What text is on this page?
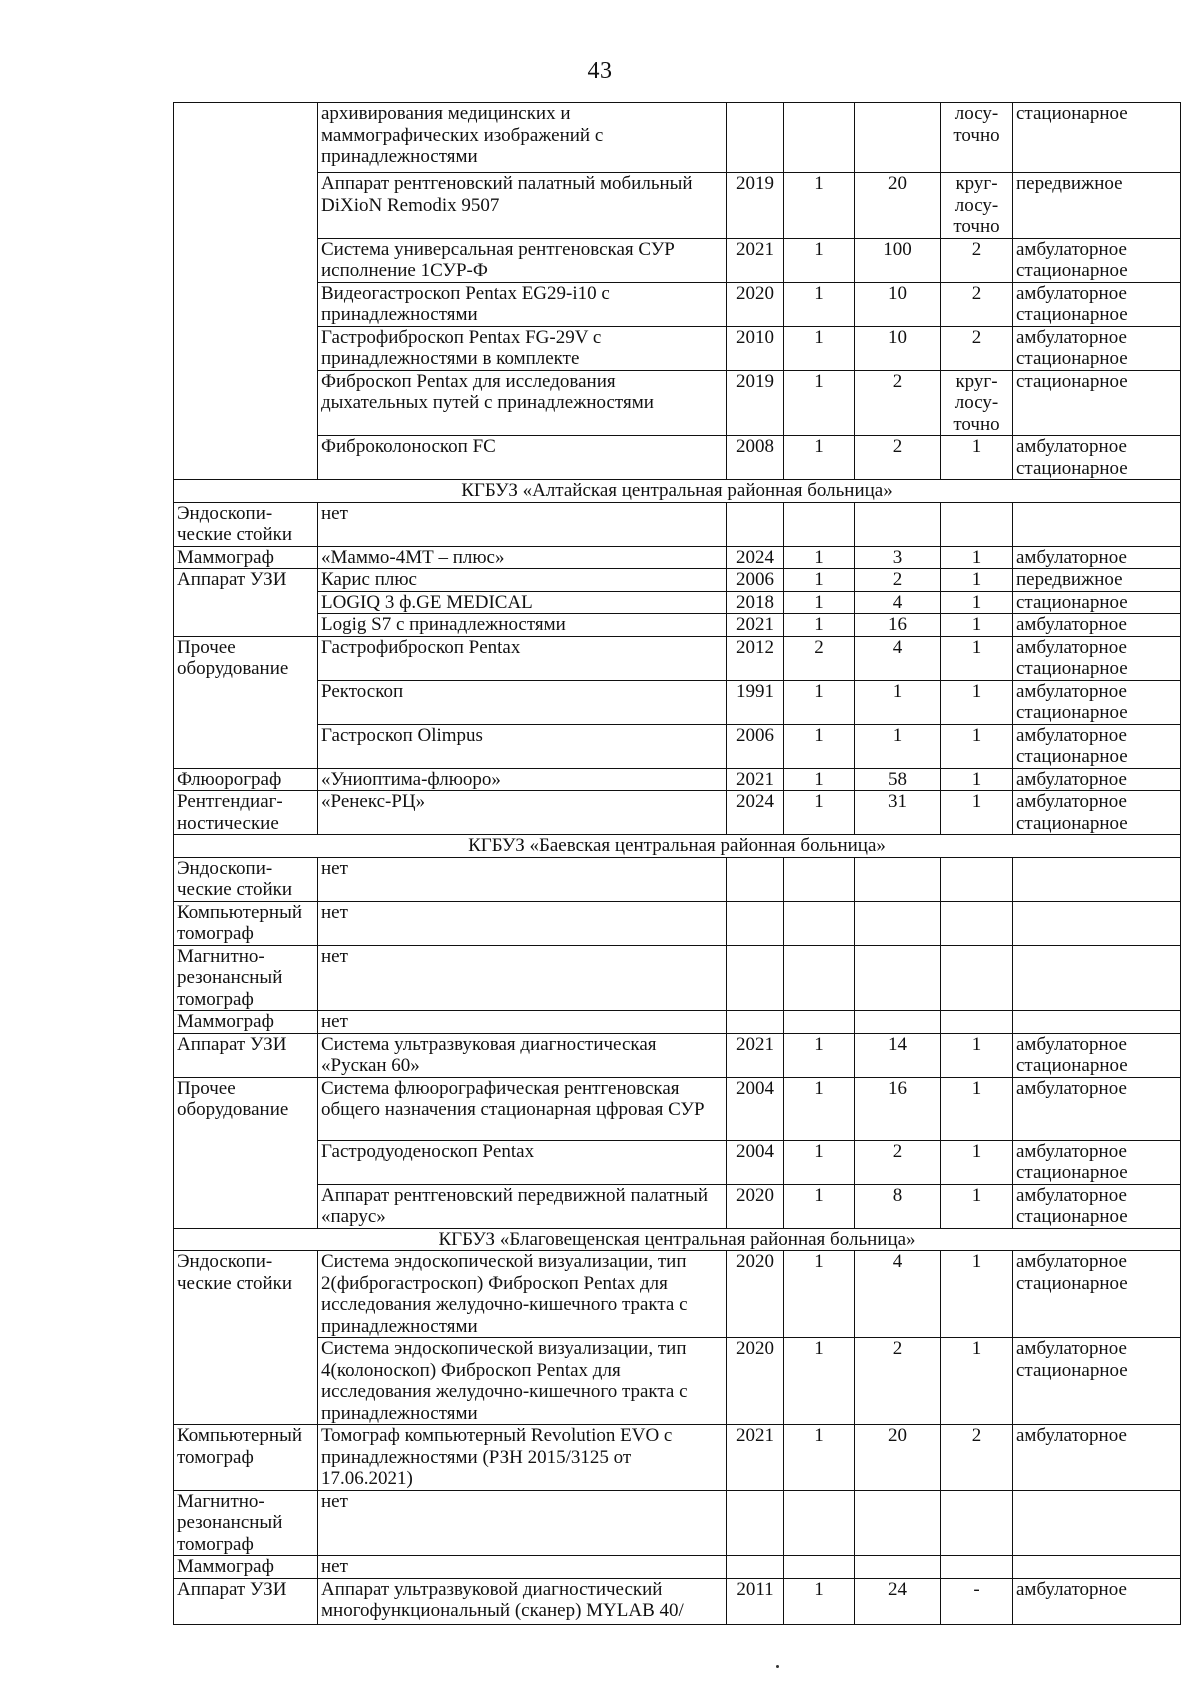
43
	архивирования медицинских и маммографических изображений с принадлежностями				лосу-точно	стационарное
	Аппарат рентгеновский палатный мобильный DiXioN Remodix 9507	2019	1	20	круг-лосу-точно	передвижное
	Система универсальная рентгеновская СУР исполнение 1СУР-Ф	2021	1	100	2	амбулаторное стационарное
	Видеогастроскоп Pentax EG29-i10 с принадлежностями	2020	1	10	2	амбулаторное стационарное
	Гастрофиброскоп Pentax FG-29V с принадлежностями в комплекте	2010	1	10	2	амбулаторное стационарное
	Фиброскоп Pentax для исследования дыхательных путей с принадлежностями	2019	1	2	круг-лосу-точно	стационарное
	Фиброколоноскоп FC	2008	1	2	1	амбулаторное стационарное
КГБУЗ «Алтайская центральная районная больница»						
Эндоскопи-ческие стойки	нет					
Маммограф	«Маммо-4МТ – плюс»	2024	1	3	1	амбулаторное
Аппарат УЗИ	Карис плюс	2006	1	2	1	передвижное
	LOGIQ 3 ф.GE MEDICAL	2018	1	4	1	стационарное
	Logig S7 с принадлежностями	2021	1	16	1	амбулаторное
Прочее оборудование	Гастрофиброскоп Pentax	2012	2	4	1	амбулаторное стационарное
	Ректоскоп	1991	1	1	1	амбулаторное стационарное
	Гастроскоп Olimpus	2006	1	1	1	амбулаторное стационарное
Флюорограф	«Униоптима-флюоро»	2021	1	58	1	амбулаторное
Рентгендиаг-ностические	«Ренекс-РЦ»	2024	1	31	1	амбулаторное стационарное
КГБУЗ «Баевская центральная районная больница»						
Эндоскопи-ческие стойки	нет					
Компьютерный томограф	нет					
Магнитно-резонансный томограф	нет					
Маммограф	нет					
Аппарат УЗИ	Система ультразвуковая диагностическая «Рускан 60»	2021	1	14	1	амбулаторное стационарное
Прочее оборудование	Система флюорографическая рентгеновская общего назначения стационарная цфровая СУР	2004	1	16	1	амбулаторное
	Гастродуоденоскоп Pentax	2004	1	2	1	амбулаторное стационарное
	Аппарат рентгеновский передвижной палатный «парус»	2020	1	8	1	амбулаторное стационарное
КГБУЗ «Благовещенская центральная районная больница»						
Эндоскопи-ческие стойки	Система эндоскопической визуализации, тип 2(фиброгастроскоп) Фиброскоп Pentax для исследования желудочно-кишечного тракта с принадлежностями	2020	1	4	1	амбулаторное стационарное
	Система эндоскопической визуализации, тип 4(колоноскоп) Фиброскоп Pentax для исследования желудочно-кишечного тракта с принадлежностями	2020	1	2	1	амбулаторное стационарное
Компьютерный томограф	Томограф компьютерный Revolution EVO с принадлежностями (РЗН 2015/3125 от 17.06.2021)	2021	1	20	2	амбулаторное
Магнитно-резонансный томограф	нет					
Маммограф	нет					
Аппарат УЗИ	Аппарат ультразвуковой диагностический многофункциональный (сканер) MYLAB 40/	2011	1	24	-	амбулаторное
